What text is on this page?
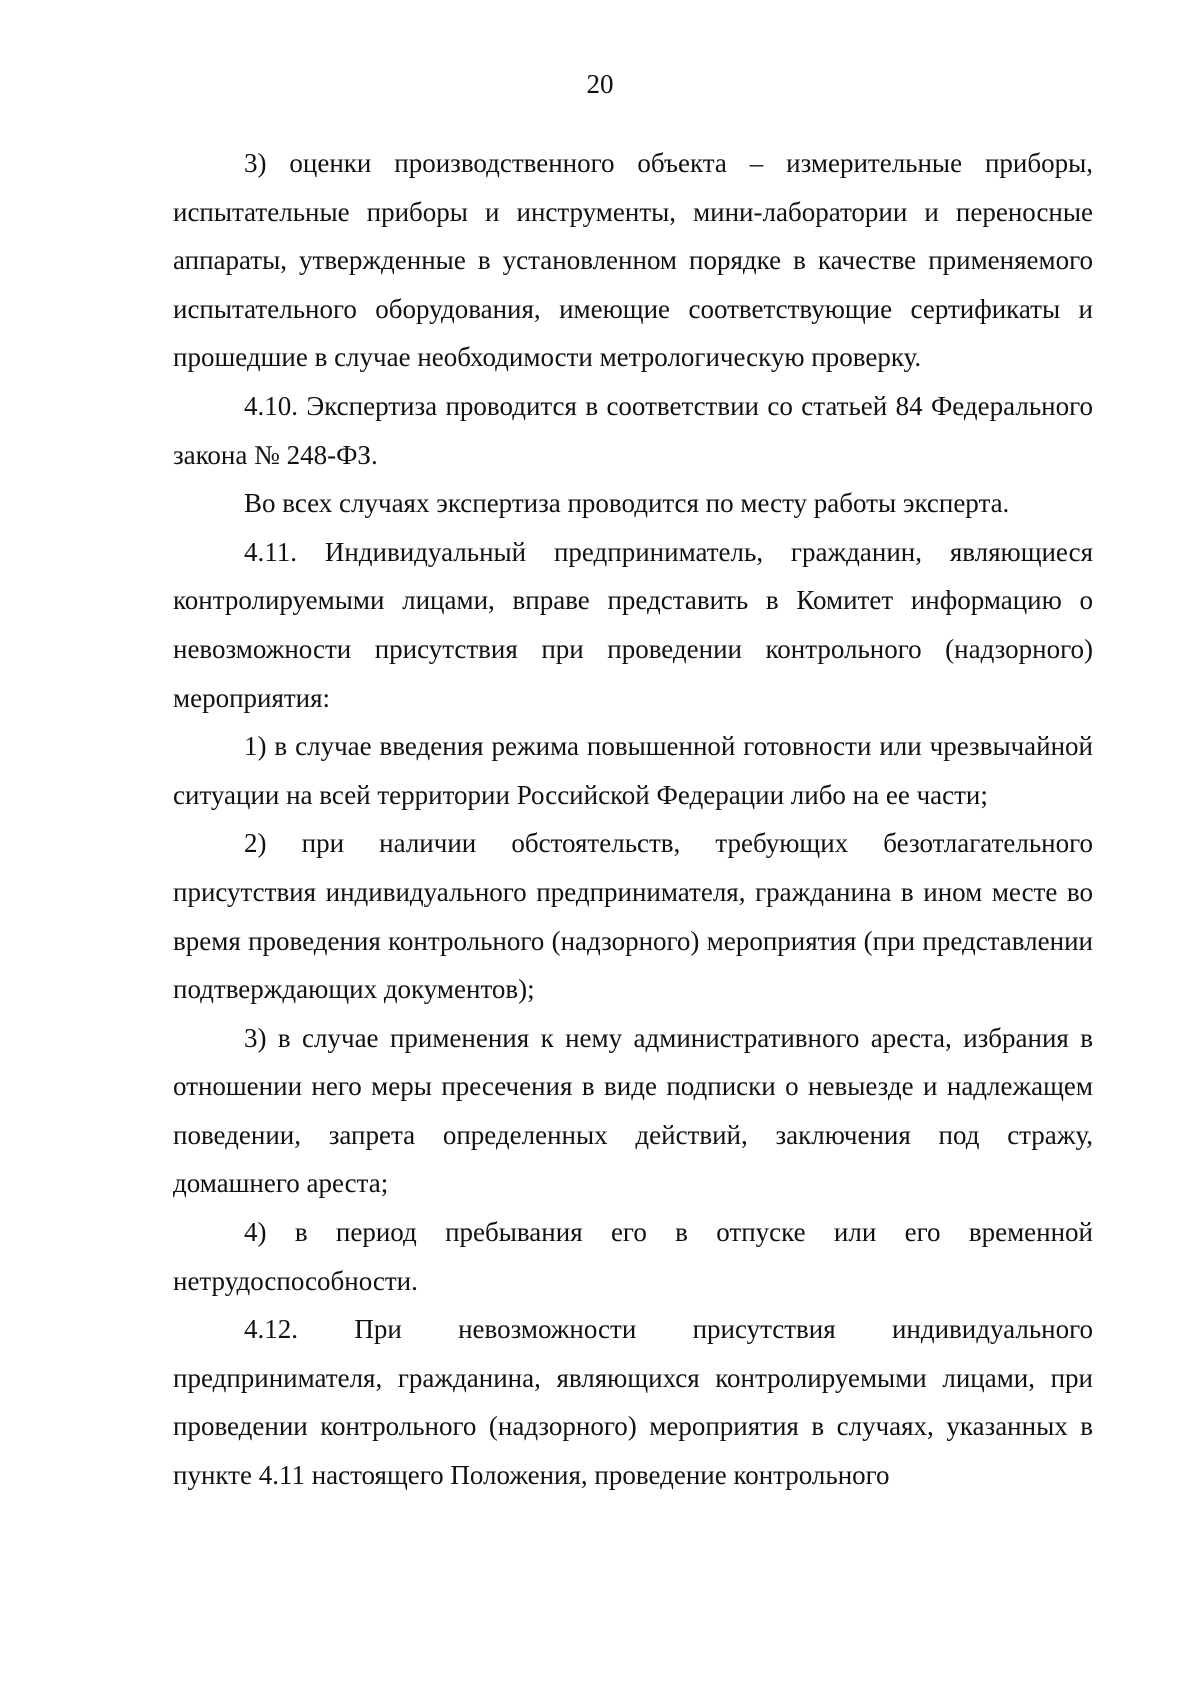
20

3) оценки производственного объекта – измерительные приборы, испытательные приборы и инструменты, мини-лаборатории и переносные аппараты, утвержденные в установленном порядке в качестве применяемого испытательного оборудования, имеющие соответствующие сертификаты и прошедшие в случае необходимости метрологическую проверку.

4.10. Экспертиза проводится в соответствии со статьей 84 Федерального закона № 248-ФЗ.

Во всех случаях экспертиза проводится по месту работы эксперта.

4.11. Индивидуальный предприниматель, гражданин, являющиеся контролируемыми лицами, вправе представить в Комитет информацию о невозможности присутствия при проведении контрольного (надзорного) мероприятия:

1) в случае введения режима повышенной готовности или чрезвычайной ситуации на всей территории Российской Федерации либо на ее части;

2) при наличии обстоятельств, требующих безотлагательного присутствия индивидуального предпринимателя, гражданина в ином месте во время проведения контрольного (надзорного) мероприятия (при представлении подтверждающих документов);

3) в случае применения к нему административного ареста, избрания в отношении него меры пресечения в виде подписки о невыезде и надлежащем поведении, запрета определенных действий, заключения под стражу, домашнего ареста;

4) в период пребывания его в отпуске или его временной нетрудоспособности.

4.12. При невозможности присутствия индивидуального предпринимателя, гражданина, являющихся контролируемыми лицами, при проведении контрольного (надзорного) мероприятия в случаях, указанных в пункте 4.11 настоящего Положения, проведение контрольного
